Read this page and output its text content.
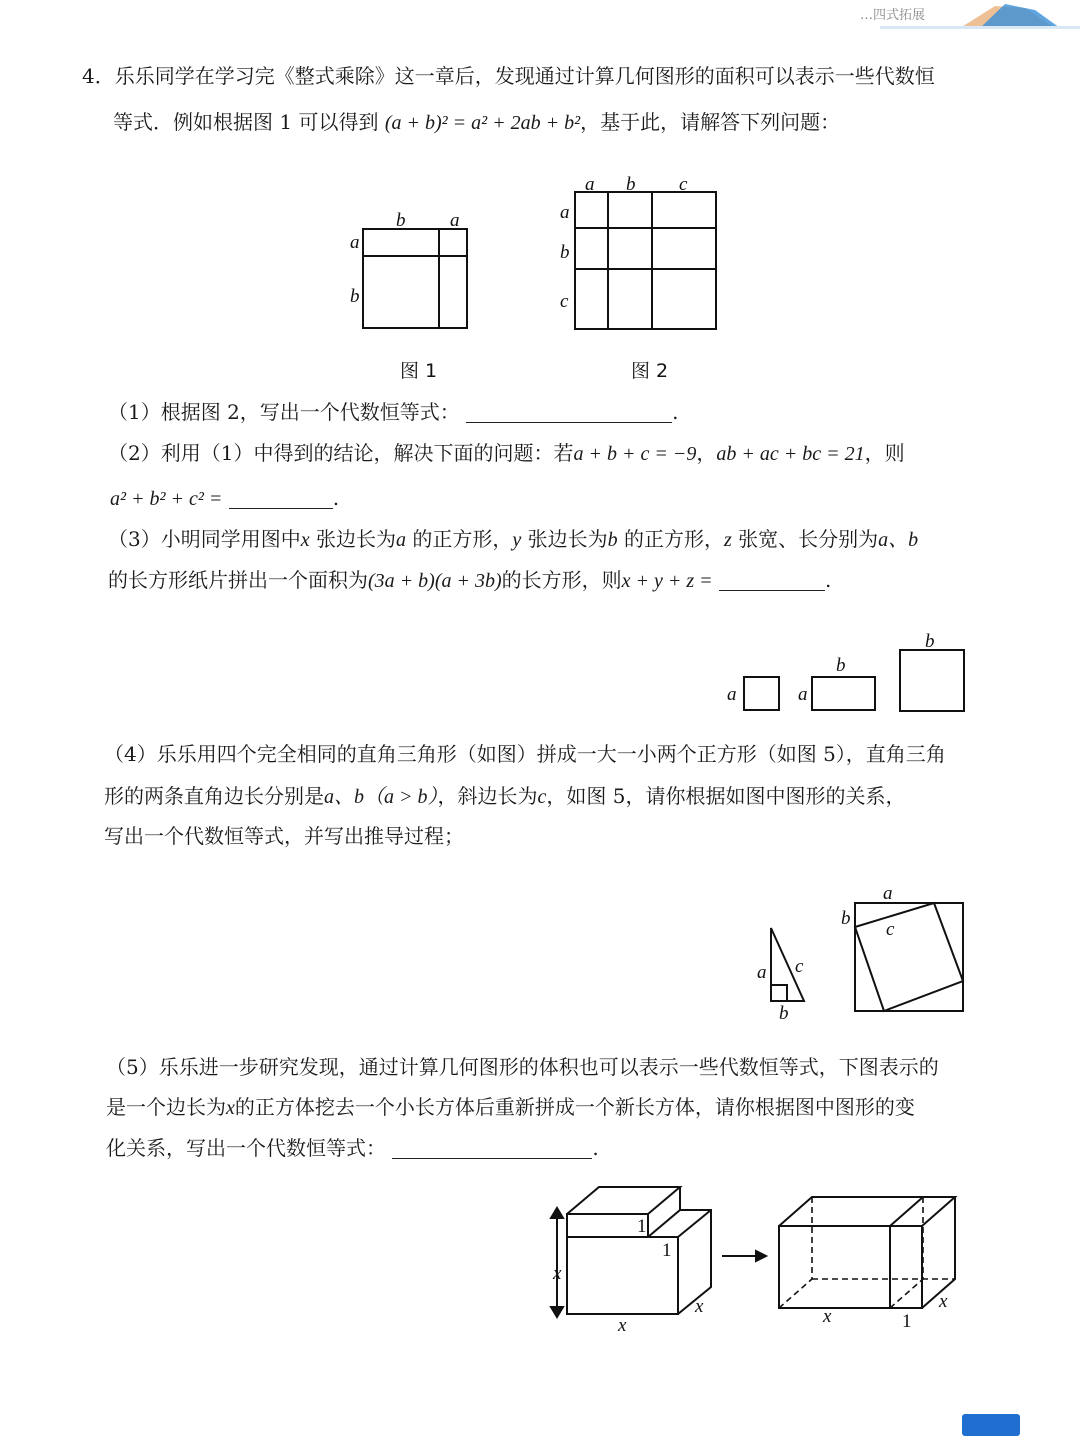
…四式拓展
4．乐乐同学在学习完《整式乘除》这一章后，发现通过计算几何图形的面积可以表示一些代数恒
等式．例如根据图 1 可以得到 (a + b)² = a² + 2ab + b²，基于此，请解答下列问题：
b a
a
b
图 1
a b c
a
b
c
图 2
a	a
b
b
a c
b
a
b
c
1
1
x
x
x	x	1
x
（1）根据图 2，写出一个代数恒等式：	.
（2）利用（1）中得到的结论，解决下面的问题：若a + b + c = −9，ab + ac + bc = 21，则
a² + b² + c² =	.
（3）小明同学用图中x 张边长为a 的正方形，y 张边长为b 的正方形，z 张宽、长分别为a、b
的长方形纸片拼出一个面积为(3a + b)(a + 3b)的长方形，则x + y + z =	.
（4）乐乐用四个完全相同的直角三角形（如图）拼成一大一小两个正方形（如图 5），直角三角
形的两条直角边长分别是a、b（a > b），斜边长为c，如图 5，请你根据如图中图形的关系，
写出一个代数恒等式，并写出推导过程；
（5）乐乐进一步研究发现，通过计算几何图形的体积也可以表示一些代数恒等式，下图表示的
是一个边长为x的正方体挖去一个小长方体后重新拼成一个新长方体，请你根据图中图形的变
化关系，写出一个代数恒等式：	.
